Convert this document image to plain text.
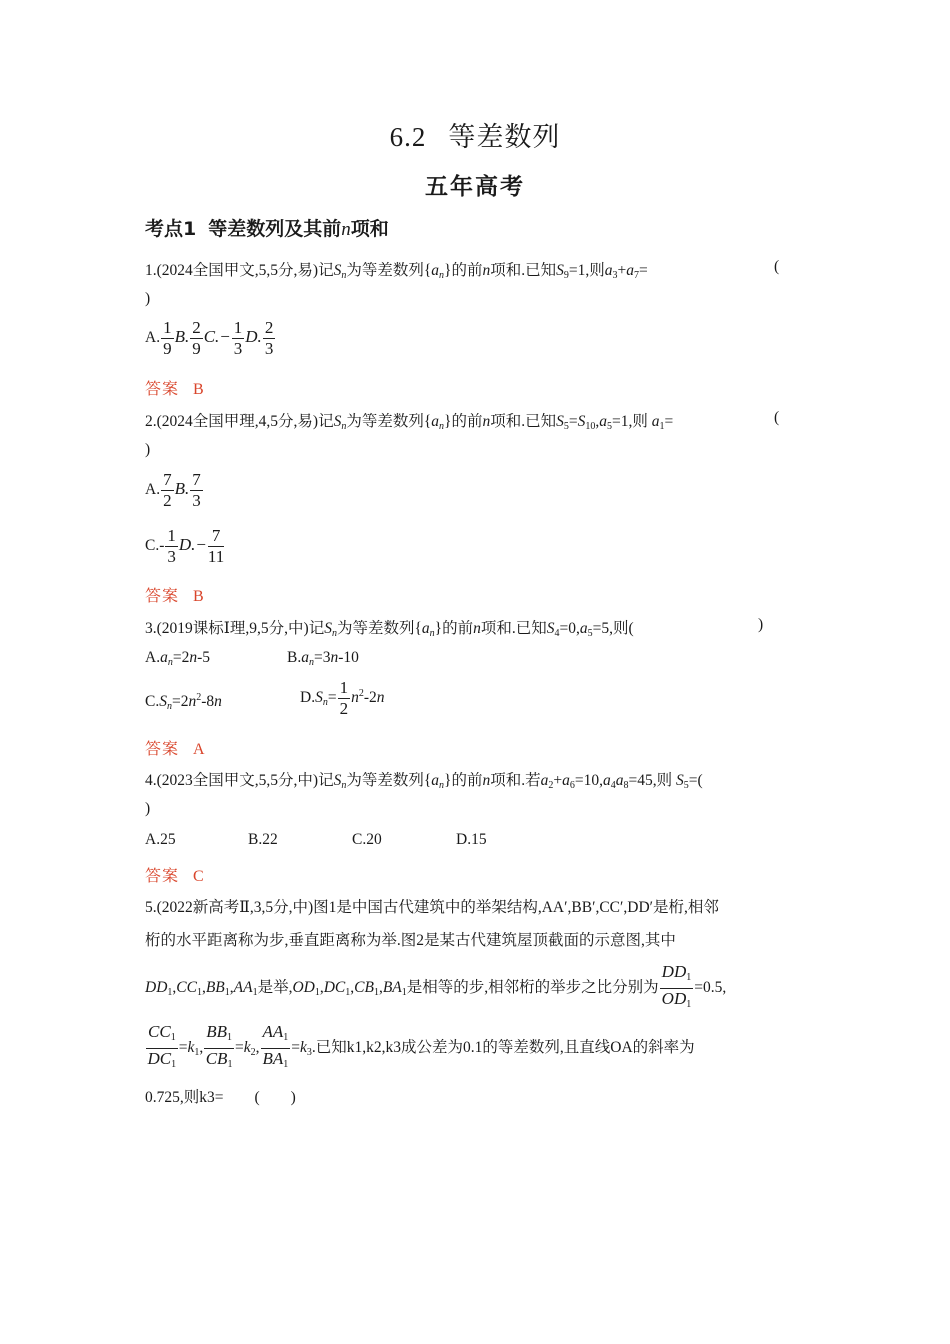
6.2 等差数列
五年高考
考点1 等差数列及其前n项和
1.(2024全国甲文,5,5分,易)记$S_n$为等差数列$\{a_n\}$的前n项和.已知$S_9=1$,则$a_3+a_7=$	(
)
A. $\frac{1}{9} B$. $\frac{2}{9} C.- \frac{1}{3} D$. $\frac{2}{3}$
答案 B
2.(2024全国甲理,4,5分,易)记$S_n$为等差数列$\{a_n\}$的前n项和.已知$S_5=S_{10},a_5=1$,则 $a_1=$	(
)
A. $\frac{7}{2} B$. $\frac{7}{3}$
$C.- \frac{1}{3} D.- \frac{7}{11}$
答案 B
3.(2019课标Ⅰ理,9,5分,中)记$S_n$为等差数列$\{a_n\}$的前n项和.已知$S_4=0,a_5=5$,则(	)
$A.a_n=2n-5$	$B.a_n=3n-10$
$C.S_n=2n^2-8n$	$D.S_n= \frac{1}{2} n^2-2n$
答案 A
4.(2023全国甲文,5,5分,中)记$S_n$为等差数列$\{a_n\}$的前n项和.若$a_2+a_6=10,a_4a_8=45$,则 $S_5=$(
)
A.25	B.22	C.20	D.15
答案 C
5.(2022新高考Ⅱ,3,5分,中)图1是中国古代建筑中的举架结构,AA′,BB′,CC′,DD′是桁,相邻
桁的水平距离称为步,垂直距离称为举.图2是某古代建筑屋顶截面的示意图,其中
$DD_1,CC_1,BB_1,AA_1$是举$,OD_1,DC_1,CB_1,BA_1$是相等的步,相邻桁的举步之比分别为 $\frac{DD_1}{OD_1} =0.5$,
$\frac{CC_1}{DC_1} =k_1$, $\frac{BB_1}{CB_1} =k_2$, $\frac{AA_1}{BA_1} =k_3$.已知k1,k2,k3成公差为0.1的等差数列,且直线OA的斜率为
0.725,则k3=　　 (　　)
